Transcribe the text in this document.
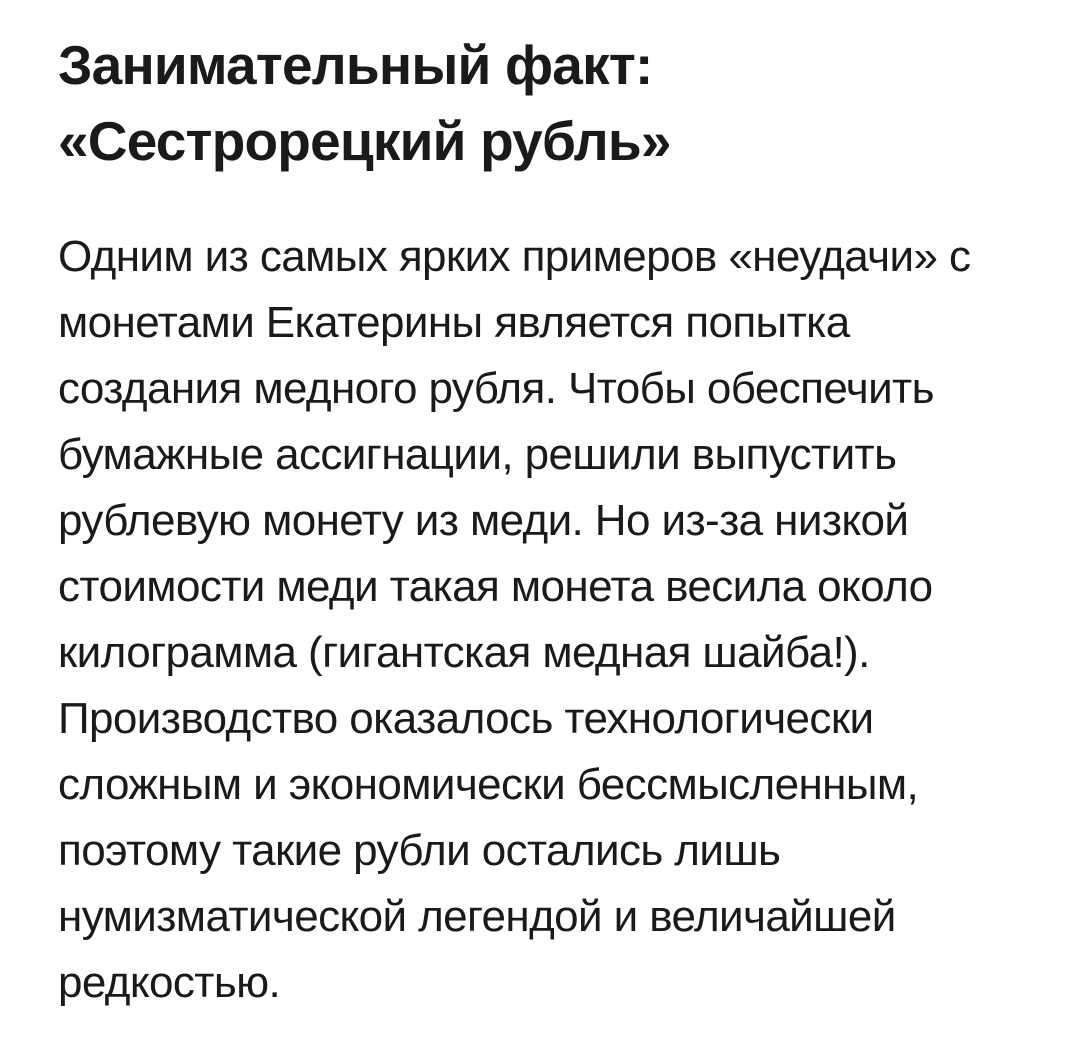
Занимательный факт:
«Сестрорецкий рубль»
Одним из самых ярких примеров «неудачи» с
монетами Екатерины является попытка
создания медного рубля. Чтобы обеспечить
бумажные ассигнации, решили выпустить
рублевую монету из меди. Но из-за низкой
стоимости меди такая монета весила около
килограмма (гигантская медная шайба!).
Производство оказалось технологически
сложным и экономически бессмысленным,
поэтому такие рубли остались лишь
нумизматической легендой и величайшей
редкостью.
